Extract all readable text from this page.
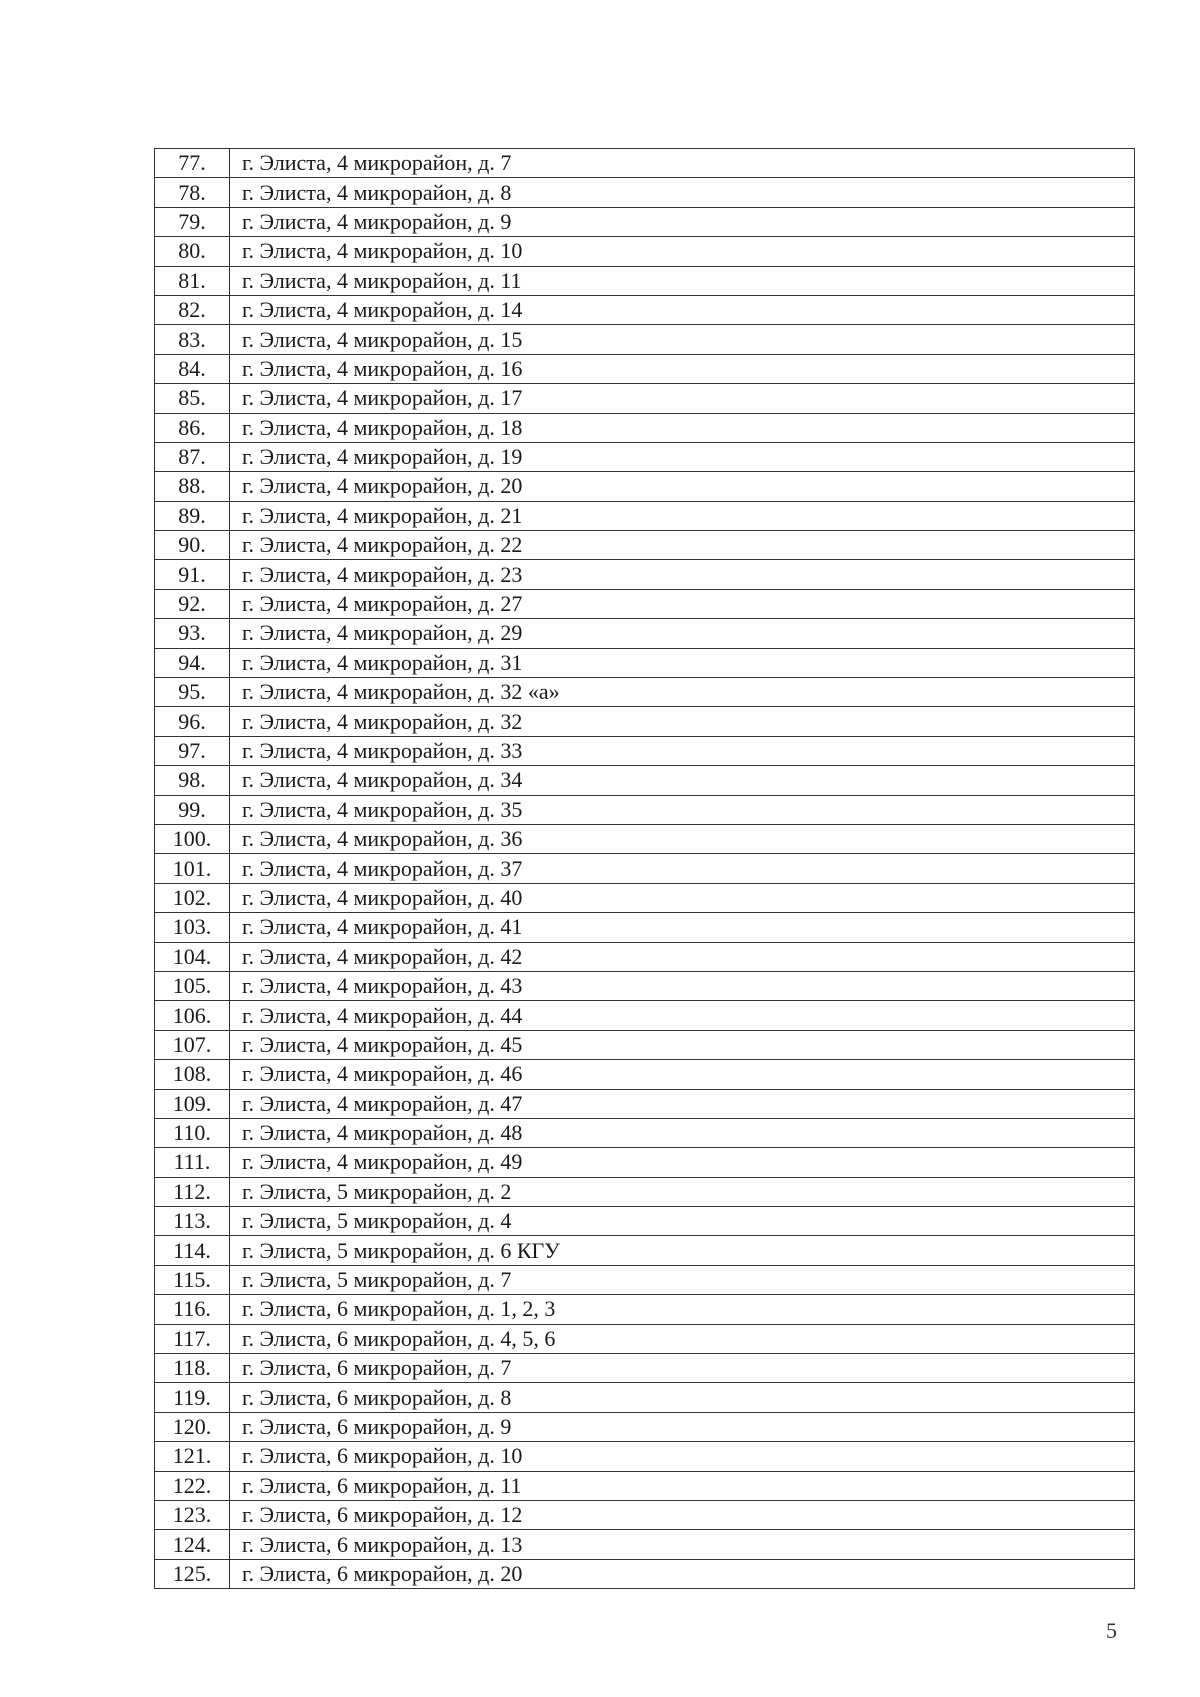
77.	г. Элиста, 4 микрорайон, д. 7
78.	г. Элиста, 4 микрорайон, д. 8
79.	г. Элиста, 4 микрорайон, д. 9
80.	г. Элиста, 4 микрорайон, д. 10
81.	г. Элиста, 4 микрорайон, д. 11
82.	г. Элиста, 4 микрорайон, д. 14
83.	г. Элиста, 4 микрорайон, д. 15
84.	г. Элиста, 4 микрорайон, д. 16
85.	г. Элиста, 4 микрорайон, д. 17
86.	г. Элиста, 4 микрорайон, д. 18
87.	г. Элиста, 4 микрорайон, д. 19
88.	г. Элиста, 4 микрорайон, д. 20
89.	г. Элиста, 4 микрорайон, д. 21
90.	г. Элиста, 4 микрорайон, д. 22
91.	г. Элиста, 4 микрорайон, д. 23
92.	г. Элиста, 4 микрорайон, д. 27
93.	г. Элиста, 4 микрорайон, д. 29
94.	г. Элиста, 4 микрорайон, д. 31
95.	г. Элиста, 4 микрорайон, д. 32 «а»
96.	г. Элиста, 4 микрорайон, д. 32
97.	г. Элиста, 4 микрорайон, д. 33
98.	г. Элиста, 4 микрорайон, д. 34
99.	г. Элиста, 4 микрорайон, д. 35
100.	г. Элиста, 4 микрорайон, д. 36
101.	г. Элиста, 4 микрорайон, д. 37
102.	г. Элиста, 4 микрорайон, д. 40
103.	г. Элиста, 4 микрорайон, д. 41
104.	г. Элиста, 4 микрорайон, д. 42
105.	г. Элиста, 4 микрорайон, д. 43
106.	г. Элиста, 4 микрорайон, д. 44
107.	г. Элиста, 4 микрорайон, д. 45
108.	г. Элиста, 4 микрорайон, д. 46
109.	г. Элиста, 4 микрорайон, д. 47
110.	г. Элиста, 4 микрорайон, д. 48
111.	г. Элиста, 4 микрорайон, д. 49
112.	г. Элиста, 5 микрорайон, д. 2
113.	г. Элиста, 5 микрорайон, д. 4
114.	г. Элиста, 5 микрорайон, д. 6 КГУ
115.	г. Элиста, 5 микрорайон, д. 7
116.	г. Элиста, 6 микрорайон, д. 1, 2, 3
117.	г. Элиста, 6 микрорайон, д. 4, 5, 6
118.	г. Элиста, 6 микрорайон, д. 7
119.	г. Элиста, 6 микрорайон, д. 8
120.	г. Элиста, 6 микрорайон, д. 9
121.	г. Элиста, 6 микрорайон, д. 10
122.	г. Элиста, 6 микрорайон, д. 11
123.	г. Элиста, 6 микрорайон, д. 12
124.	г. Элиста, 6 микрорайон, д. 13
125.	г. Элиста, 6 микрорайон, д. 20
5
